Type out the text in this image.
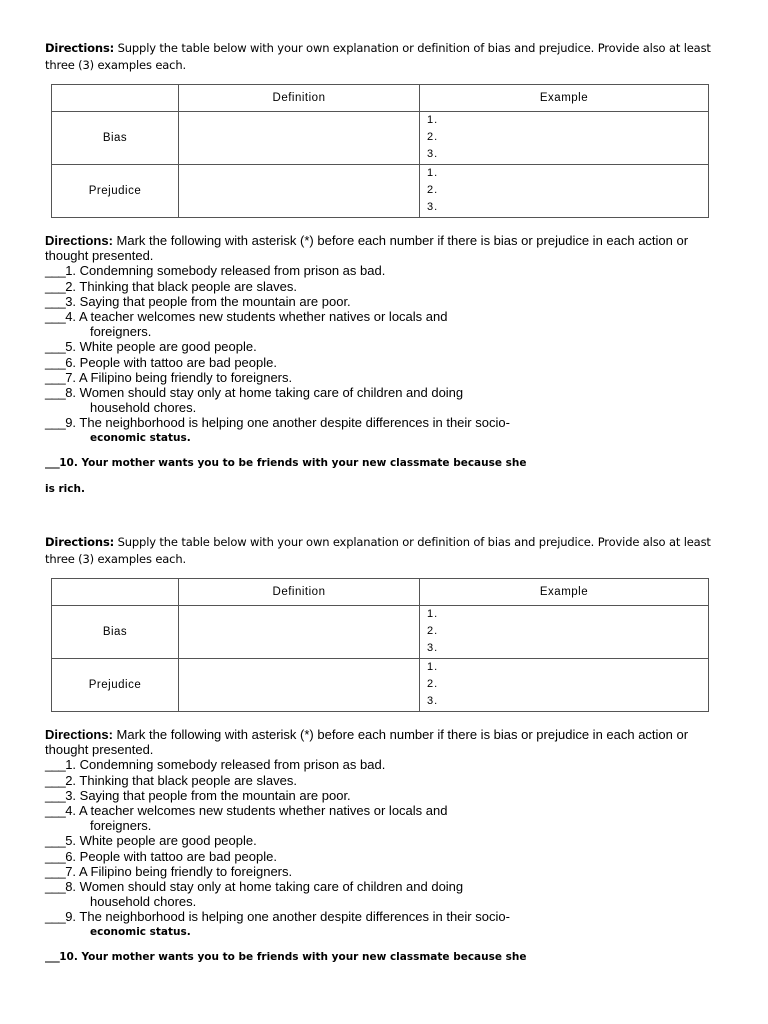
Directions: Supply the table below with your own explanation or definition of bias and prejudice. Provide also at least three (3) examples each.

	Definition	Example
Bias		1.
2.
3.

Prejudice		1.
2.
3.

Directions: Mark the following with asterisk (*) before each number if there is bias or prejudice in each action or thought presented.

___1. Condemning somebody released from prison as bad.

___2. Thinking that black people are slaves.

___3. Saying that people from the mountain are poor.

___4. A teacher welcomes new students whether natives or locals and

foreigners.

___5. White people are good people.

___6. People with tattoo are bad people.

___7. A Filipino being friendly to foreigners.

___8. Women should stay only at home taking care of children and doing

household chores.

___9. The neighborhood is helping one another despite differences in their socio-

economic status.

___10. Your mother wants you to be friends with your new classmate because she
is rich.

Directions: Supply the table below with your own explanation or definition of bias and prejudice. Provide also at least three (3) examples each.

	Definition	Example
Bias		1.
2.
3.

Prejudice		1.
2.
3.

Directions: Mark the following with asterisk (*) before each number if there is bias or prejudice in each action or thought presented.

___1. Condemning somebody released from prison as bad.

___2. Thinking that black people are slaves.

___3. Saying that people from the mountain are poor.

___4. A teacher welcomes new students whether natives or locals and

foreigners.

___5. White people are good people.

___6. People with tattoo are bad people.

___7. A Filipino being friendly to foreigners.

___8. Women should stay only at home taking care of children and doing

household chores.

___9. The neighborhood is helping one another despite differences in their socio-

economic status.

___10. Your mother wants you to be friends with your new classmate because she
